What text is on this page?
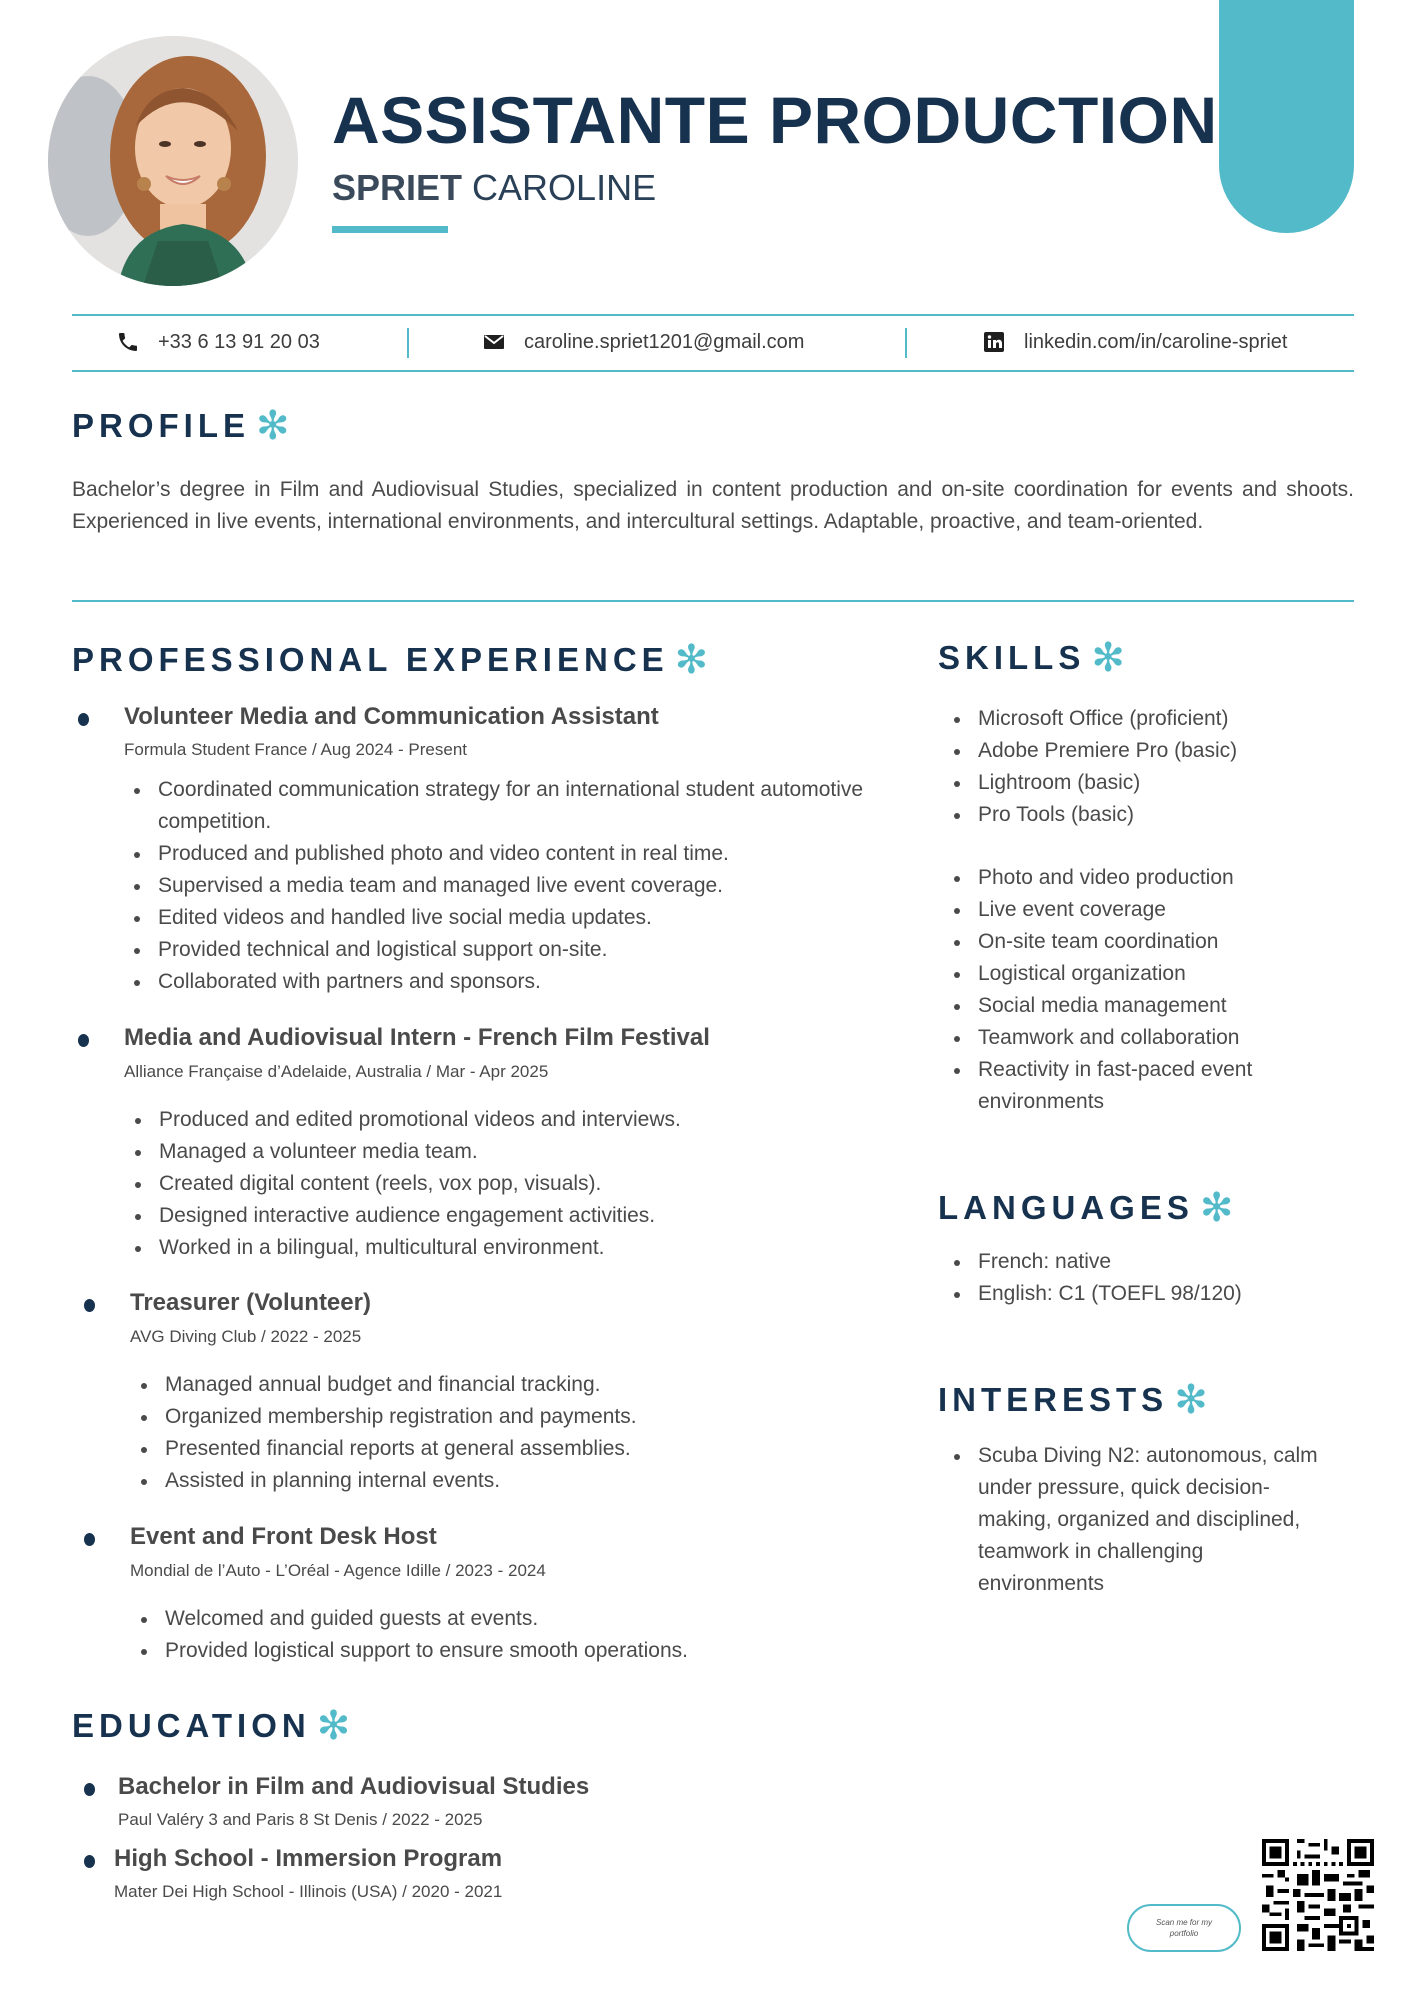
ASSISTANTE PRODUCTION
SPRIET CAROLINE
+33 6 13 91 20 03	caroline.spriet1201@gmail.com	linkedin.com/in/caroline-spriet
PROFILE ✻
Bachelor’s degree in Film and Audiovisual Studies, specialized in content production and on-site coordination for events and shoots. Experienced in live events, international environments, and intercultural settings. Adaptable, proactive, and team-oriented.
PROFESSIONAL EXPERIENCE ✻
Volunteer Media and Communication Assistant
Formula Student France / Aug 2024 - Present
Coordinated communication strategy for an international student automotive competition.
Produced and published photo and video content in real time.
Supervised a media team and managed live event coverage.
Edited videos and handled live social media updates.
Provided technical and logistical support on-site.
Collaborated with partners and sponsors.
Media and Audiovisual Intern - French Film Festival
Alliance Française d’Adelaide, Australia / Mar - Apr 2025
Produced and edited promotional videos and interviews.
Managed a volunteer media team.
Created digital content (reels, vox pop, visuals).
Designed interactive audience engagement activities.
Worked in a bilingual, multicultural environment.
Treasurer (Volunteer)
AVG Diving Club / 2022 - 2025
Managed annual budget and financial tracking.
Organized membership registration and payments.
Presented financial reports at general assemblies.
Assisted in planning internal events.
Event and Front Desk Host
Mondial de l’Auto - L’Oréal - Agence Idille / 2023 - 2024
Welcomed and guided guests at events.
Provided logistical support to ensure smooth operations.
EDUCATION ✻
Bachelor in Film and Audiovisual Studies
Paul Valéry 3 and Paris 8 St Denis / 2022 - 2025
High School - Immersion Program
Mater Dei High School - Illinois (USA) / 2020 - 2021
SKILLS ✻
Microsoft Office (proficient)
Adobe Premiere Pro (basic)
Lightroom (basic)
Pro Tools (basic)
Photo and video production
Live event coverage
On-site team coordination
Logistical organization
Social media management
Teamwork and collaboration
Reactivity in fast-paced event environments
LANGUAGES ✻
French: native
English: C1 (TOEFL 98/120)
INTERESTS ✻
Scuba Diving N2: autonomous, calm under pressure, quick decision-making, organized and disciplined, teamwork in challenging environments
Scan me for my portfolio
